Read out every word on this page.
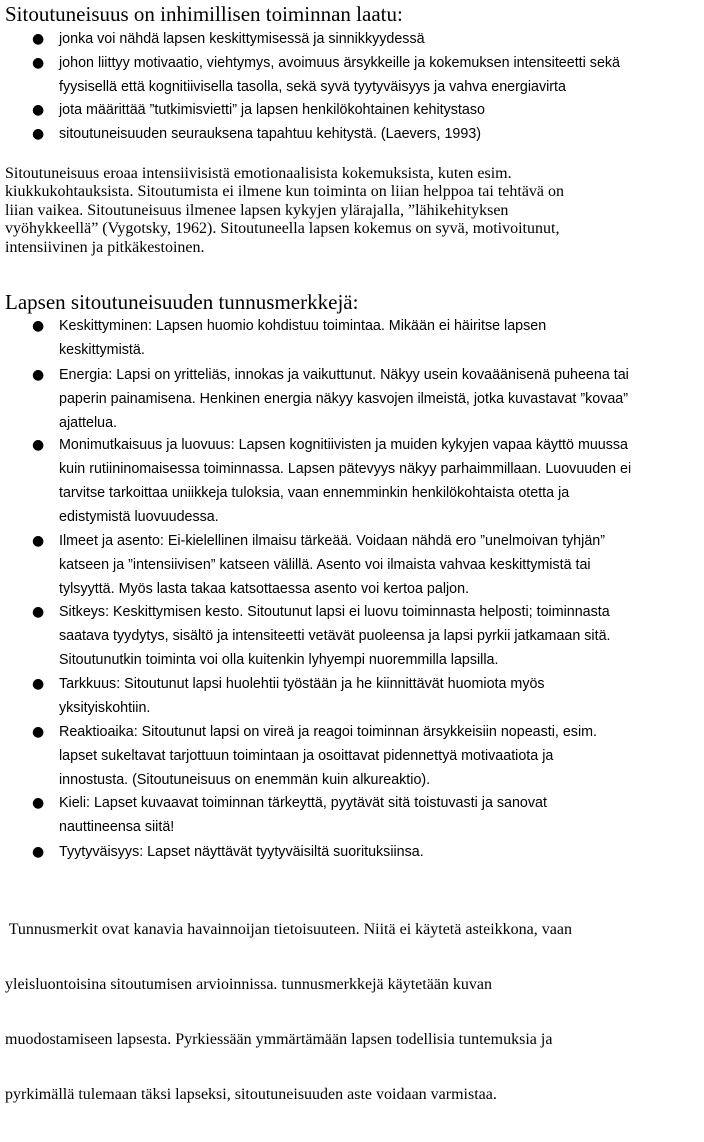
Sitoutuneisuus on inhimillisen toiminnan laatu:
● jonka voi nähdä lapsen keskittymisessä ja sinnikkyydessä
● johon liittyy motivaatio, viehtymys, avoimuus ärsykkeille ja kokemuksen intensiteetti sekä
fyysisellä että kognitiivisella tasolla, sekä syvä tyytyväisyys ja vahva energiavirta
● jota määrittää ”tutkimisvietti” ja lapsen henkilökohtainen kehitystaso
● sitoutuneisuuden seurauksena tapahtuu kehitystä. (Laevers, 1993)
Sitoutuneisuus eroaa intensiivisistä emotionaalisista kokemuksista, kuten esim.
kiukkukohtauksista. Sitoutumista ei ilmene kun toiminta on liian helppoa tai tehtävä on
liian vaikea. Sitoutuneisuus ilmenee lapsen kykyjen ylärajalla, ”lähikehityksen
vyöhykkeellä” (Vygotsky, 1962). Sitoutuneella lapsen kokemus on syvä, motivoitunut,
intensiivinen ja pitkäkestoinen.
Lapsen sitoutuneisuuden tunnusmerkkejä:
● Keskittyminen: Lapsen huomio kohdistuu toimintaa. Mikään ei häiritse lapsen
keskittymistä.
● Energia: Lapsi on yritteliäs, innokas ja vaikuttunut. Näkyy usein kovaäänisenä puheena tai
paperin painamisena. Henkinen energia näkyy kasvojen ilmeistä, jotka kuvastavat ”kovaa”
ajattelua.
● Monimutkaisuus ja luovuus: Lapsen kognitiivisten ja muiden kykyjen vapaa käyttö muussa
kuin rutiininomaisessa toiminnassa. Lapsen pätevyys näkyy parhaimmillaan. Luovuuden ei
tarvitse tarkoittaa uniikkeja tuloksia, vaan ennemminkin henkilökohtaista otetta ja
edistymistä luovuudessa.
● Ilmeet ja asento: Ei-kielellinen ilmaisu tärkeää. Voidaan nähdä ero ”unelmoivan tyhjän”
katseen ja ”intensiivisen” katseen välillä. Asento voi ilmaista vahvaa keskittymistä tai
tylsyyttä. Myös lasta takaa katsottaessa asento voi kertoa paljon.
● Sitkeys: Keskittymisen kesto. Sitoutunut lapsi ei luovu toiminnasta helposti; toiminnasta
saatava tyydytys, sisältö ja intensiteetti vetävät puoleensa ja lapsi pyrkii jatkamaan sitä.
Sitoutunutkin toiminta voi olla kuitenkin lyhyempi nuoremmilla lapsilla.
● Tarkkuus: Sitoutunut lapsi huolehtii työstään ja he kiinnittävät huomiota myös
yksityiskohtiin.
● Reaktioaika: Sitoutunut lapsi on vireä ja reagoi toiminnan ärsykkeisiin nopeasti, esim.
lapset sukeltavat tarjottuun toimintaan ja osoittavat pidennettyä motivaatiota ja
innostusta. (Sitoutuneisuus on enemmän kuin alkureaktio).
● Kieli: Lapset kuvaavat toiminnan tärkeyttä, pyytävät sitä toistuvasti ja sanovat
nauttineensa siitä!
● Tyytyväisyys: Lapset näyttävät tyytyväisiltä suorituksiinsa.

Tunnusmerkit ovat kanavia havainnoijan tietoisuuteen. Niitä ei käytetä asteikkona, vaan

yleisluontoisina sitoutumisen arvioinnissa. tunnusmerkkejä käytetään kuvan

muodostamiseen lapsesta. Pyrkiessään ymmärtämään lapsen todellisia tuntemuksia ja

pyrkimällä tulemaan täksi lapseksi, sitoutuneisuuden aste voidaan varmistaa.
